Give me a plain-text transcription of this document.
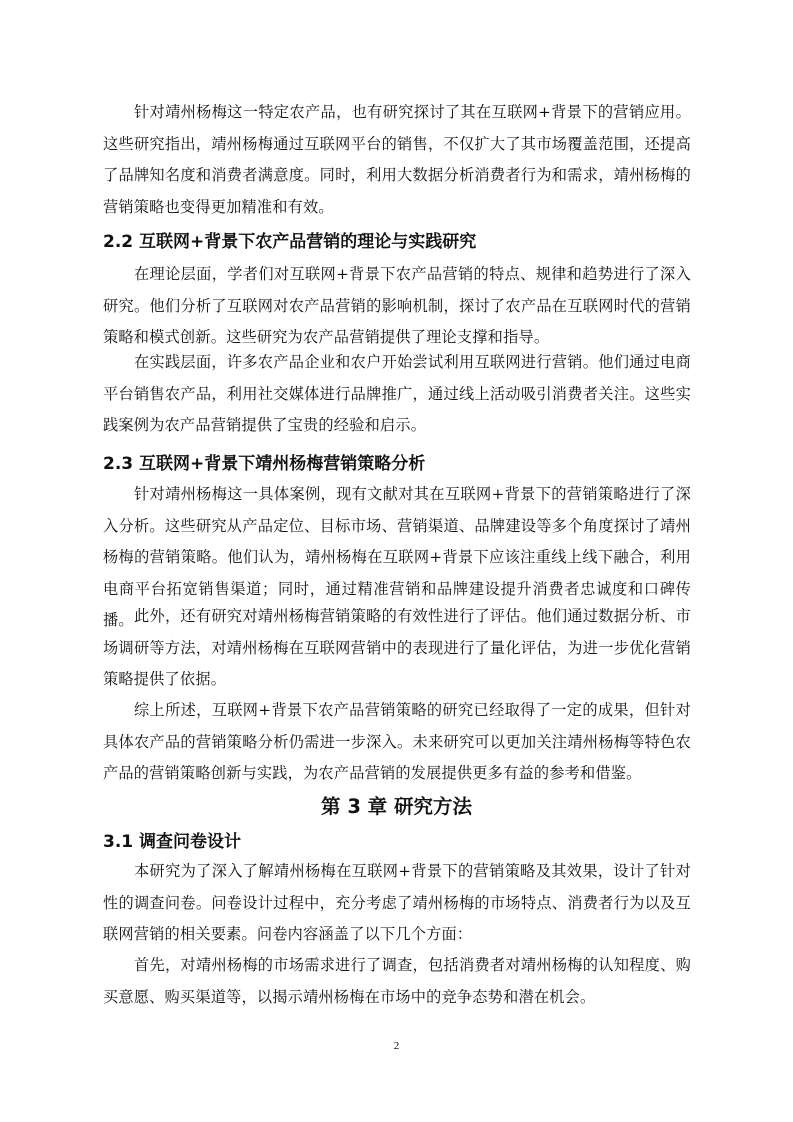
针对靖州杨梅这一特定农产品，也有研究探讨了其在互联网+背景下的营销应用。这些研究指出，靖州杨梅通过互联网平台的销售，不仅扩大了其市场覆盖范围，还提高了品牌知名度和消费者满意度。同时，利用大数据分析消费者行为和需求，靖州杨梅的营销策略也变得更加精准和有效。

2.2 互联网+背景下农产品营销的理论与实践研究

在理论层面，学者们对互联网+背景下农产品营销的特点、规律和趋势进行了深入研究。他们分析了互联网对农产品营销的影响机制，探讨了农产品在互联网时代的营销策略和模式创新。这些研究为农产品营销提供了理论支撑和指导。

在实践层面，许多农产品企业和农户开始尝试利用互联网进行营销。他们通过电商平台销售农产品，利用社交媒体进行品牌推广，通过线上活动吸引消费者关注。这些实践案例为农产品营销提供了宝贵的经验和启示。

2.3 互联网+背景下靖州杨梅营销策略分析

针对靖州杨梅这一具体案例，现有文献对其在互联网+背景下的营销策略进行了深入分析。这些研究从产品定位、目标市场、营销渠道、品牌建设等多个角度探讨了靖州杨梅的营销策略。他们认为，靖州杨梅在互联网+背景下应该注重线上线下融合，利用电商平台拓宽销售渠道；同时，通过精准营销和品牌建设提升消费者忠诚度和口碑传播。 此外，还有研究对靖州杨梅营销策略的有效性进行了评估。他们通过数据分析、市场调研等方法，对靖州杨梅在互联网营销中的表现进行了量化评估，为进一步优化营销策略提供了依据。

综上所述，互联网+背景下农产品营销策略的研究已经取得了一定的成果，但针对具体农产品的营销策略分析仍需进一步深入。未来研究可以更加关注靖州杨梅等特色农产品的营销策略创新与实践，为农产品营销的发展提供更多有益的参考和借鉴。

第 3 章 研究方法
3.1 调查问卷设计

本研究为了深入了解靖州杨梅在互联网+背景下的营销策略及其效果，设计了针对性的调查问卷。问卷设计过程中，充分考虑了靖州杨梅的市场特点、消费者行为以及互联网营销的相关要素。问卷内容涵盖了以下几个方面：

首先，对靖州杨梅的市场需求进行了调查，包括消费者对靖州杨梅的认知程度、购买意愿、购买渠道等，以揭示靖州杨梅在市场中的竞争态势和潜在机会。

2
